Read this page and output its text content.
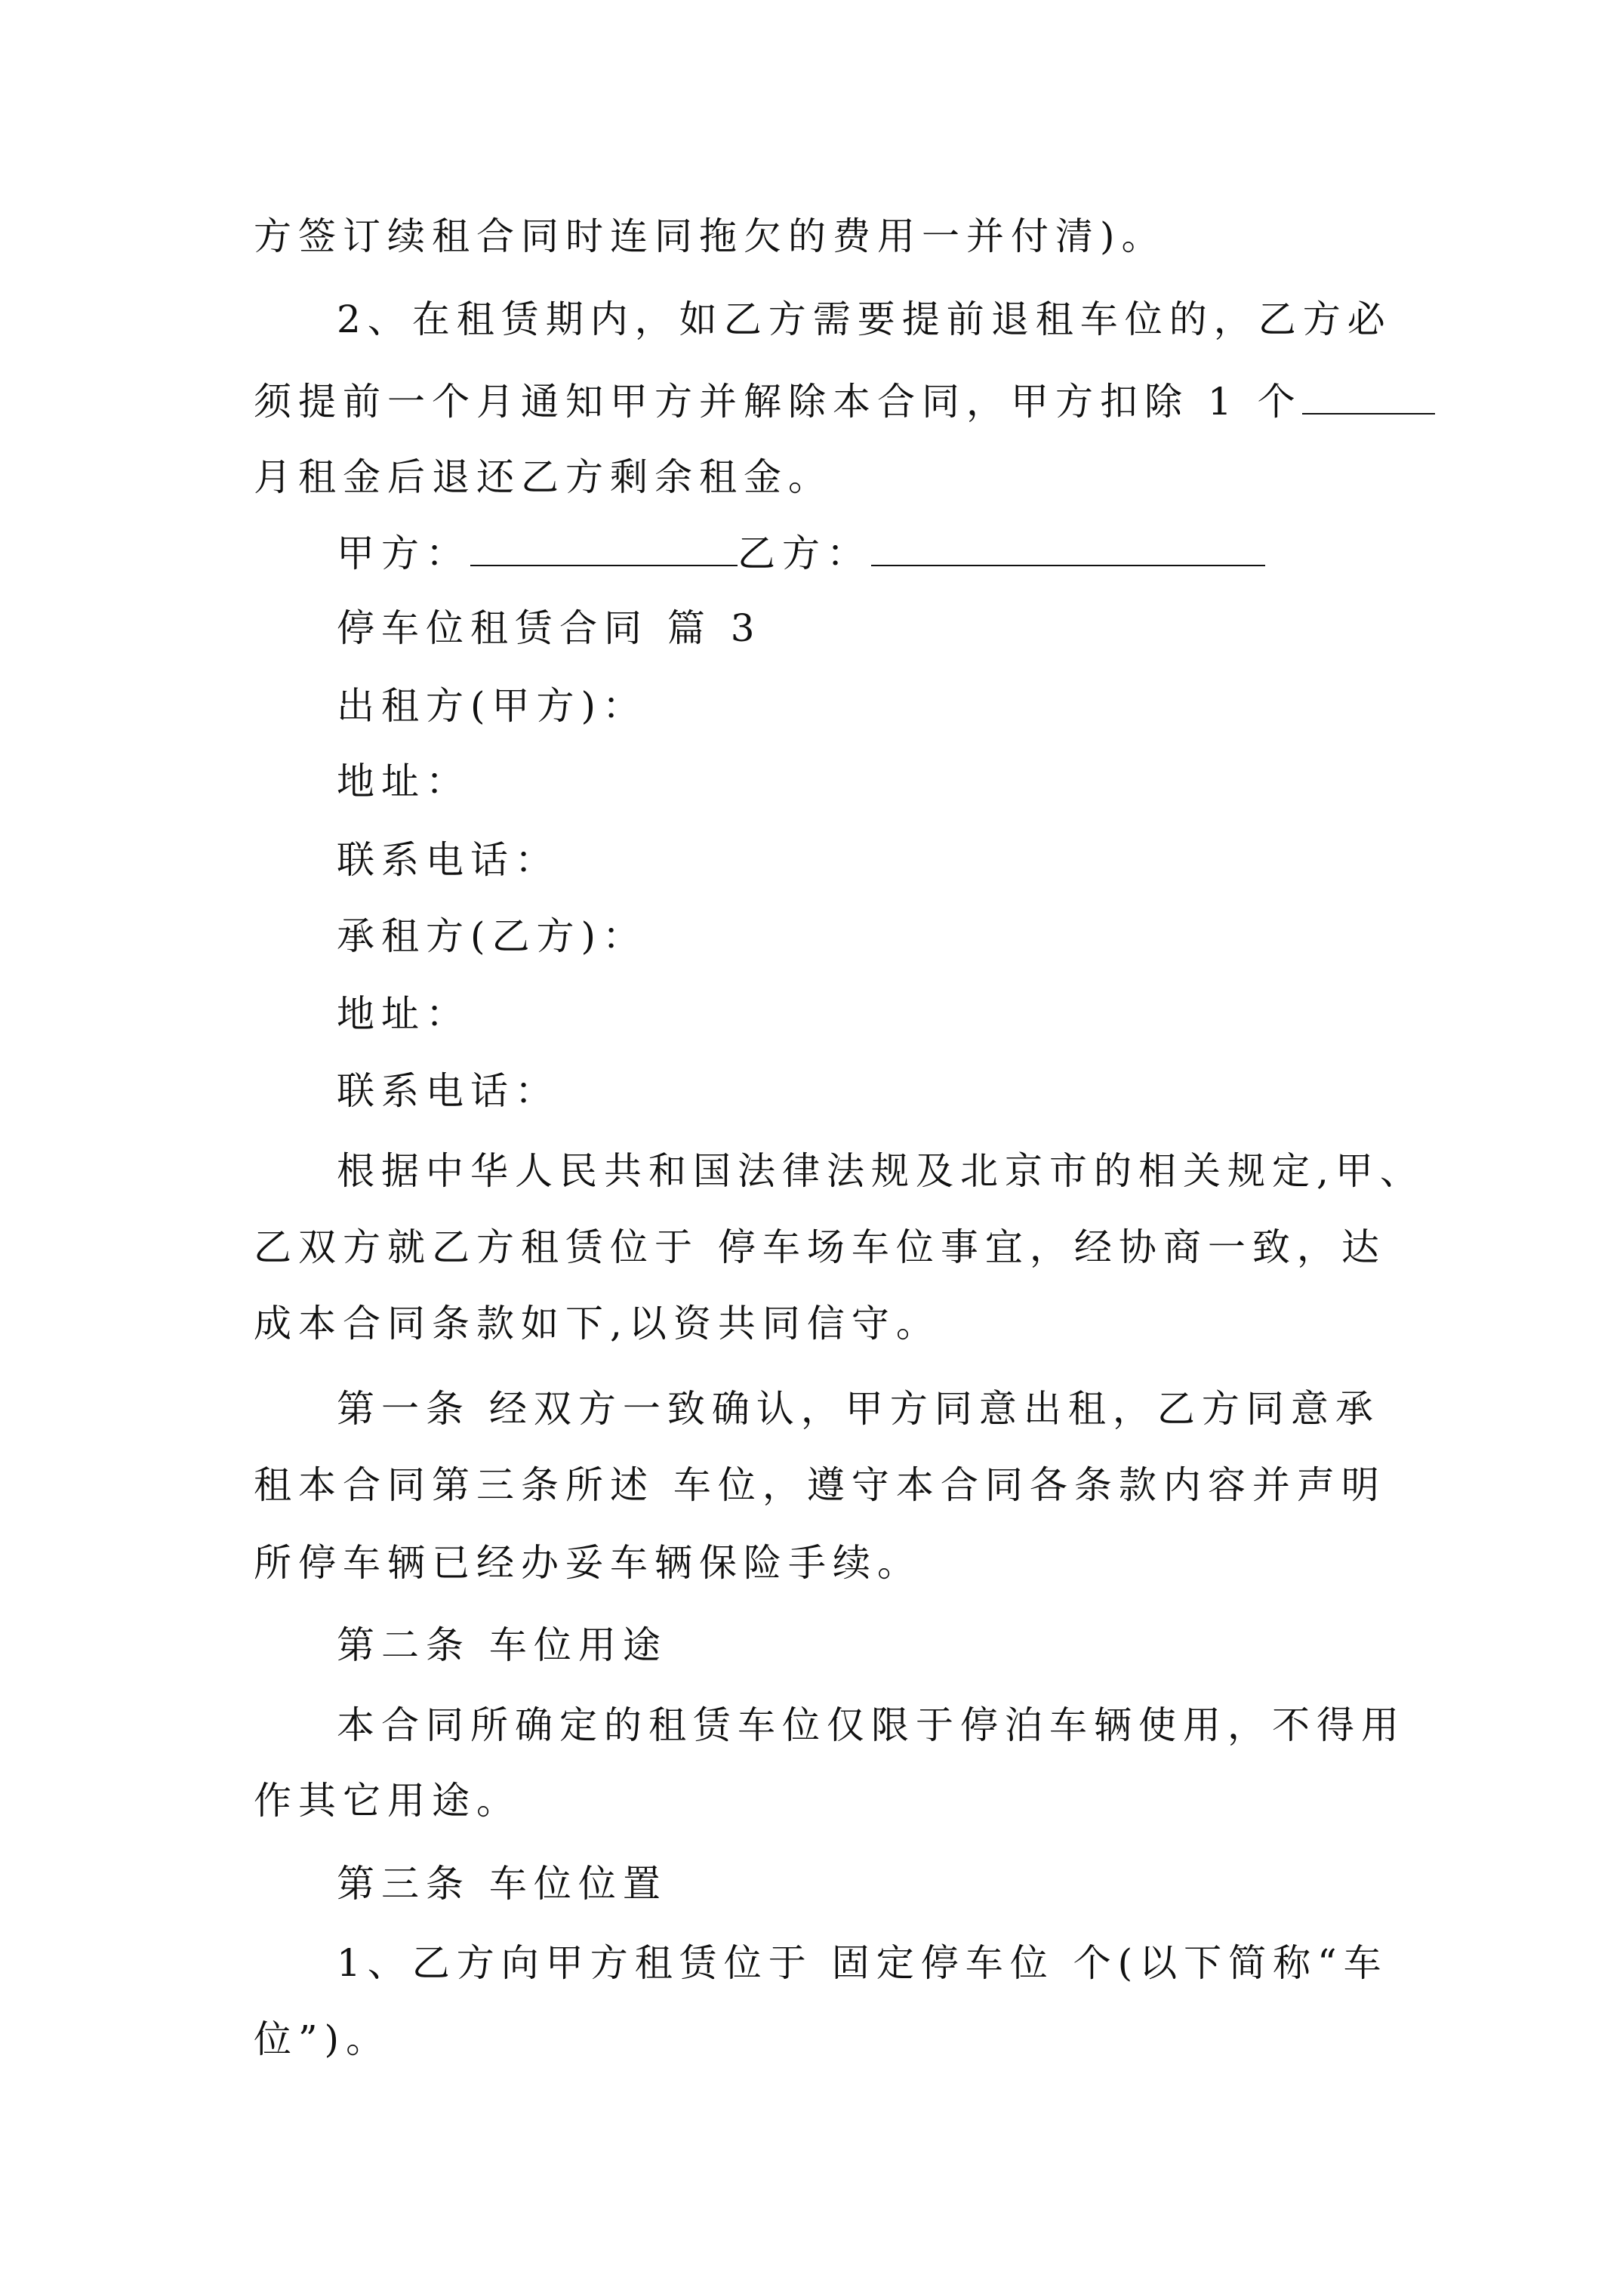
方签订续租合同时连同拖欠的费用一并付清)。
2、在租赁期内，如乙方需要提前退租车位的，乙方必
须提前一个月通知甲方并解除本合同，甲方扣除 1 个
月租金后退还乙方剩余租金。
甲方：	乙方：
停车位租赁合同 篇 3
出租方(甲方)：
地址：
联系电话：
承租方(乙方)：
地址：
联系电话：
根据中华人民共和国法律法规及北京市的相关规定,甲、
乙双方就乙方租赁位于 停车场车位事宜，经协商一致，达
成本合同条款如下,以资共同信守。
第一条 经双方一致确认，甲方同意出租，乙方同意承
租本合同第三条所述 车位，遵守本合同各条款内容并声明
所停车辆已经办妥车辆保险手续。
第二条 车位用途
本合同所确定的租赁车位仅限于停泊车辆使用，不得用
作其它用途。
第三条 车位位置
1、乙方向甲方租赁位于 固定停车位 个(以下简称“车
位”)。
